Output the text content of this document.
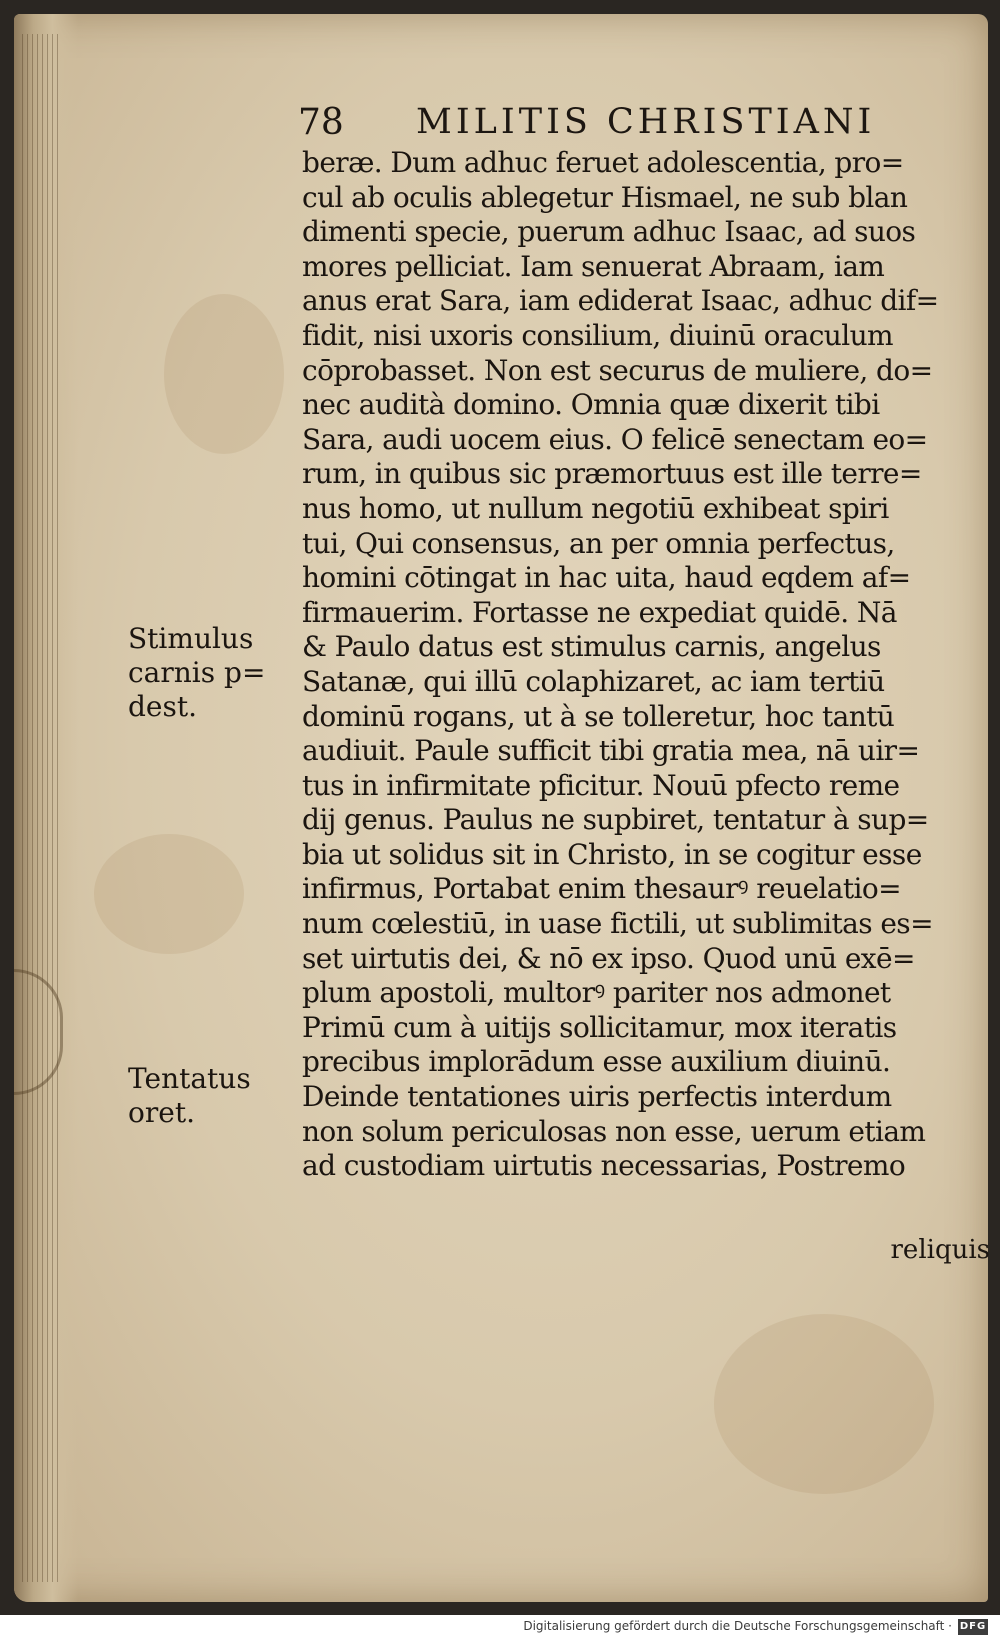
78 MILITIS CHRISTIANI
beræ. Dum adhuc feruet adolescentia, pro=
cul ab oculis ablegetur Hismael, ne sub blan
dimenti specie, puerum adhuc Isaac, ad suos
mores pelliciat. Iam senuerat Abraam, iam
anus erat Sara, iam ediderat Isaac, adhuc dif=
fidit, nisi uxoris consilium, diuinū oraculum
cōprobasset. Non est securus de muliere, do=
nec audità domino. Omnia quæ dixerit tibi
Sara, audi uocem eius. O felicē senectam eo=
rum, in quibus sic præmortuus est ille terre=
nus homo, ut nullum negotiū exhibeat spiri
tui, Qui consensus, an per omnia perfectus,
homini cōtingat in hac uita, haud eqdem af=
firmauerim. Fortasse ne expediat quidē. Nā
& Paulo datus est stimulus carnis, angelus
Satanæ, qui illū colaphizaret, ac iam tertiū
dominū rogans, ut à se tolleretur, hoc tantū
audiuit. Paule sufficit tibi gratia mea, nā uir=
tus in infirmitate pficitur. Nouū pfecto reme
dij genus. Paulus ne supbiret, tentatur à sup=
bia ut solidus sit in Christo, in se cogitur esse
infirmus, Portabat enim thesaurꝰ reuelatio=
num cœlestiū, in uase fictili, ut sublimitas es=
set uirtutis dei, & nō ex ipso. Quod unū exē=
plum apostoli, multorꝰ pariter nos admonet
Primū cum à uitijs sollicitamur, mox iteratis
precibus implorādum esse auxilium diuinū.
Deinde tentationes uiris perfectis interdum
non solum periculosas non esse, uerum etiam
ad custodiam uirtutis necessarias, Postremo
reliquis
Stimulus
carnis p=
dest.
Tentatus
oret.
Digitalisierung gefördert durch die Deutsche Forschungsgemeinschaft · DFG
